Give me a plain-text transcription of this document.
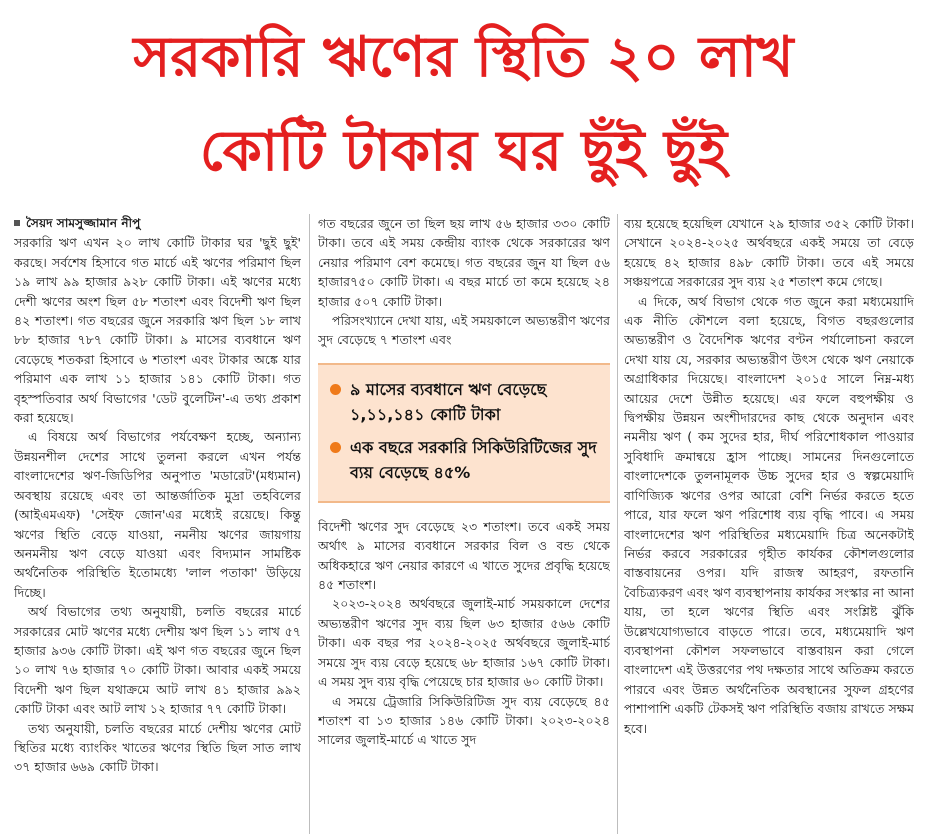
সরকারি ঋণের স্থিতি ২০ লাখ
কোটি টাকার ঘর ছুঁই ছুঁই

সৈয়দ সামসুজ্জামান নীপু

সরকারি ঋণ এখন ২০ লাখ কোটি টাকার ঘর 'ছুই ছুই' করছে। সর্বশেষ হিসাবে গত মার্চে এই ঋণের পরিমাণ ছিল ১৯ লাখ ৯৯ হাজার ৯২৮ কোটি টাকা। এই ঋণের মধ্যে দেশী ঋণের অংশ ছিল ৫৮ শতাংশ এবং বিদেশী ঋণ ছিল ৪২ শতাংশ। গত বছরের জুনে সরকারি ঋণ ছিল ১৮ লাখ ৮৮ হাজার ৭৮৭ কোটি টাকা। ৯ মাসের ব্যবধানে ঋণ বেড়েছে শতকরা হিসাবে ৬ শতাংশ এবং টাকার অঙ্কে যার পরিমাণ এক লাখ ১১ হাজার ১৪১ কোটি টাকা। গত বৃহস্পতিবার অর্থ বিভাগের 'ডেট বুলেটিন'-এ তথ্য প্রকাশ করা হয়েছে।

এ বিষয়ে অর্থ বিভাগের পর্যবেক্ষণ হচ্ছে, অন্যান্য উন্নয়নশীল দেশের সাথে তুলনা করলে এখন পর্যন্ত বাংলাদেশের ঋণ-জিডিপির অনুপাত 'মডারেট'(মধ্যমান) অবস্থায় রয়েছে এবং তা আন্তর্জাতিক মুদ্রা তহবিলের (আইএমএফ) 'সেইফ জোন'এর মধ্যেই রয়েছে। কিন্তু ঋণের স্থিতি বেড়ে যাওয়া, নমনীয় ঋণের জায়গায় অনমনীয় ঋণ বেড়ে যাওয়া এবং বিদ্যমান সামষ্টিক অর্থনৈতিক পরিস্থিতি ইতোমধ্যে 'লাল পতাকা' উড়িয়ে দিচ্ছে।

অর্থ বিভাগের তথ্য অনুযায়ী, চলতি বছরের মার্চে সরকারের মোট ঋণের মধ্যে দেশীয় ঋণ ছিল ১১ লাখ ৫৭ হাজার ৯৩৬ কোটি টাকা। এই ঋণ গত বছরের জুনে ছিল ১০ লাখ ৭৬ হাজার ৭০ কোটি টাকা। আবার একই সময়ে বিদেশী ঋণ ছিল যথাক্রমে আট লাখ ৪১ হাজার ৯৯২ কোটি টাকা এবং আট লাখ ১২ হাজার ৭৭ কোটি টাকা।

তথ্য অনুযায়ী, চলতি বছরের মার্চে দেশীয় ঋণের মোট স্থিতির মধ্যে ব্যাংকিং খাতের ঋণের স্থিতি ছিল সাত লাখ ৩৭ হাজার ৬৬৯ কোটি টাকা।

গত বছরের জুনে তা ছিল ছয় লাখ ৫৬ হাজার ৩৩০ কোটি টাকা। তবে এই সময় কেন্দ্রীয় ব্যাংক থেকে সরকারের ঋণ নেয়ার পরিমাণ বেশ কমেছে। গত বছরের জুন যা ছিল ৫৬ হাজার৭৫০ কোটি টাকা। এ বছর মার্চে তা কমে হয়েছে ২৪ হাজার ৫০৭ কোটি টাকা।

পরিসংখ্যানে দেখা যায়, এই সময়কালে অভ্যন্তরীণ ঋণের সুদ বেড়েছে ৭ শতাংশ এবং

৯ মাসের ব্যবধানে ঋণ বেড়েছে ১,১১,১৪১ কোটি টাকা
এক বছরে সরকারি সিকিউরিটিজের সুদ ব্যয় বেড়েছে ৪৫%

বিদেশী ঋণের সুদ বেড়েছে ২৩ শতাংশ। তবে একই সময় অর্থাৎ ৯ মাসের ব্যবধানে সরকার বিল ও বন্ড থেকে অধিকহারে ঋণ নেয়ার কারণে এ খাতে সুদের প্রবৃদ্ধি হয়েছে ৪৫ শতাংশ।

২০২৩-২০২৪ অর্থবছরে জুলাই-মার্চ সময়কালে দেশের অভ্যন্তরীণ ঋণের সুদ ব্যয় ছিল ৬৩ হাজার ৫৬৬ কোটি টাকা। এক বছর পর ২০২৪-২০২৫ অর্থবছরে জুলাই-মার্চ সময়ে সুদ ব্যয় বেড়ে হয়েছে ৬৮ হাজার ১৬৭ কোটি টাকা। এ সময় সুদ ব্যয় বৃদ্ধি পেয়েছে চার হাজার ৬০ কোটি টাকা।

এ সময়ে ট্রেজারি সিকিউরিটিজ সুদ ব্যয় বেড়েছে ৪৫ শতাংশ বা ১৩ হাজার ১৪৬ কোটি টাকা। ২০২৩-২০২৪ সালের জুলাই-মার্চে এ খাতে সুদ

ব্যয় হয়েছে হয়েছিল যেখানে ২৯ হাজার ৩৫২ কোটি টাকা। সেখানে ২০২৪-২০২৫ অর্থবছরে একই সময়ে তা বেড়ে হয়েছে ৪২ হাজার ৪৯৮ কোটি টাকা। তবে এই সময়ে সঞ্চয়পত্রে সরকারের সুদ ব্যয় ২৫ শতাংশ কমে গেছে।

এ দিকে, অর্থ বিভাগ থেকে গত জুনে করা মধ্যমেয়াদি এক নীতি কৌশলে বলা হয়েছে, বিগত বছরগুলোর অভ্যন্তরীণ ও বৈদেশিক ঋণের বণ্টন পর্যালোচনা করলে দেখা যায় যে, সরকার অভ্যন্তরীণ উৎস থেকে ঋণ নেয়াকে অগ্রাধিকার দিয়েছে। বাংলাদেশ ২০১৫ সালে নিম্ন-মধ্য আয়ের দেশে উন্নীত হয়েছে। এর ফলে বহুপক্ষীয় ও দ্বিপক্ষীয় উন্নয়ন অংশীদারদের কাছ থেকে অনুদান এবং নমনীয় ঋণ ( কম সুদের হার, দীর্ঘ পরিশোধকাল পাওয়ার সুবিধাদি ক্রমান্বয়ে হ্রাস পাচ্ছে। সামনের দিনগুলোতে বাংলাদেশকে তুলনামূলক উচ্চ সুদের হার ও স্বল্পমেয়াদি বাণিজ্যিক ঋণের ওপর আরো বেশি নির্ভর করতে হতে পারে, যার ফলে ঋণ পরিশোধ ব্যয় বৃদ্ধি পাবে। এ সময় বাংলাদেশের ঋণ পরিস্থিতির মধ্যমেয়াদি চিত্র অনেকটাই নির্ভর করবে সরকারের গৃহীত কার্যকর কৌশলগুলোর বাস্তবায়নের ওপর। যদি রাজস্ব আহরণ, রফতানি বৈচিত্র্যকরণ এবং ঋণ ব্যবস্থাপনায় কার্যকর সংস্কার না আনা যায়, তা হলে ঋণের স্থিতি এবং সংশ্লিষ্ট ঝুঁকি উল্লেখযোগ্যভাবে বাড়তে পারে। তবে, মধ্যমেয়াদি ঋণ ব্যবস্থাপনা কৌশল সফলভাবে বাস্তবায়ন করা গেলে বাংলাদেশ এই উত্তরণের পথ দক্ষতার সাথে অতিক্রম করতে পারবে এবং উন্নত অর্থনৈতিক অবস্থানের সুফল গ্রহণের পাশাপাশি একটি টেকসই ঋণ পরিস্থিতি বজায় রাখতে সক্ষম হবে।
